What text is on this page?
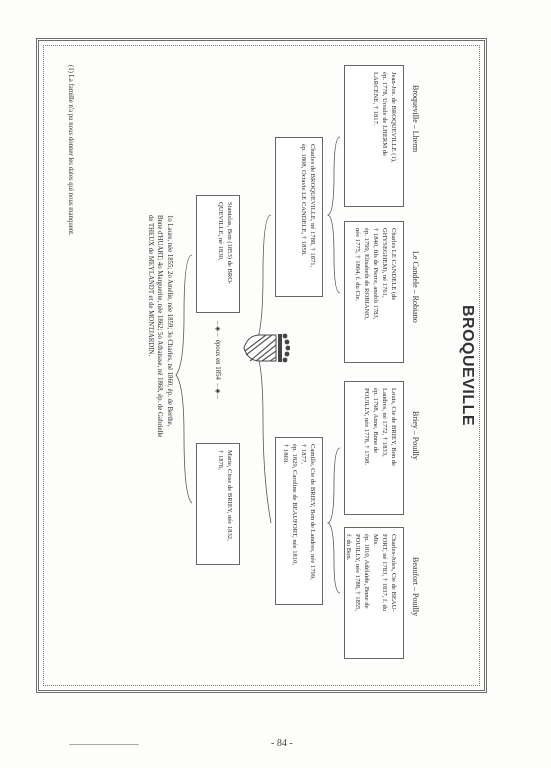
BROQUEVILLE
Broqueville – Lherm
Le Candele – Robiano
Briey – Pouilly
Beaufort – Pouilly
Jean-Jos. de BROQUEVILLE (1),
ép. 1778, Ursule de LHERM de
LARCENE, † 1817.
Charles LE CANDELE (de
GHYSEGHEM), né 1761,
† 1840, fils de Pierre, anobli 1783,
ép. 1799, Elisabeth de ROBIANO,
née 1775, † 1864, f. du Cte.
Louis, Cte de BRIEY, Bon de
Landres, né 1772, † 1833,
ép. 1798, Anne, Bnne de
POUILLY, née 1778, † 1798.
Charles-Jules, Cte de BEAU-
FORT, né 1783, † 1837, f. du
Mis.
ép. 1810, Adélaïde, Bnne de
POUILLY, née 1788, † 1855,
f. du Bon.
Charles de BROQUEVILLE, né 1788, † 1871,
ép. 1808, Octavie LE CANDELE, † 1858.
Camille, Cte de BRIEY, Bon de Landres, née 1799,
† 1877,
ép. 1829, Caroline de BEAUFORT, née 1810,
† 1869.
Stanislas, Bon (1853) de BRO-
QUEVILLE, né 1830,
– ◈ –  époux en 1854  – ◈ –
Marie, Ctsse de BRIEY, née 1832,
† 1876,
1o Laure, née 1855; 2o Amélie, née 1859; 3o Charles, né 1860, ép. de Berthe,
Bnne d'HUART; 4o Marguerite, née 1862; 5o Athanase, né 1868, ép. de Gabrielle
de THEUX de MEYLANDT et de MONTJARDIN.
(1) La famille n'a pu nous donner les dates qui nous manquent.
- 84 -
